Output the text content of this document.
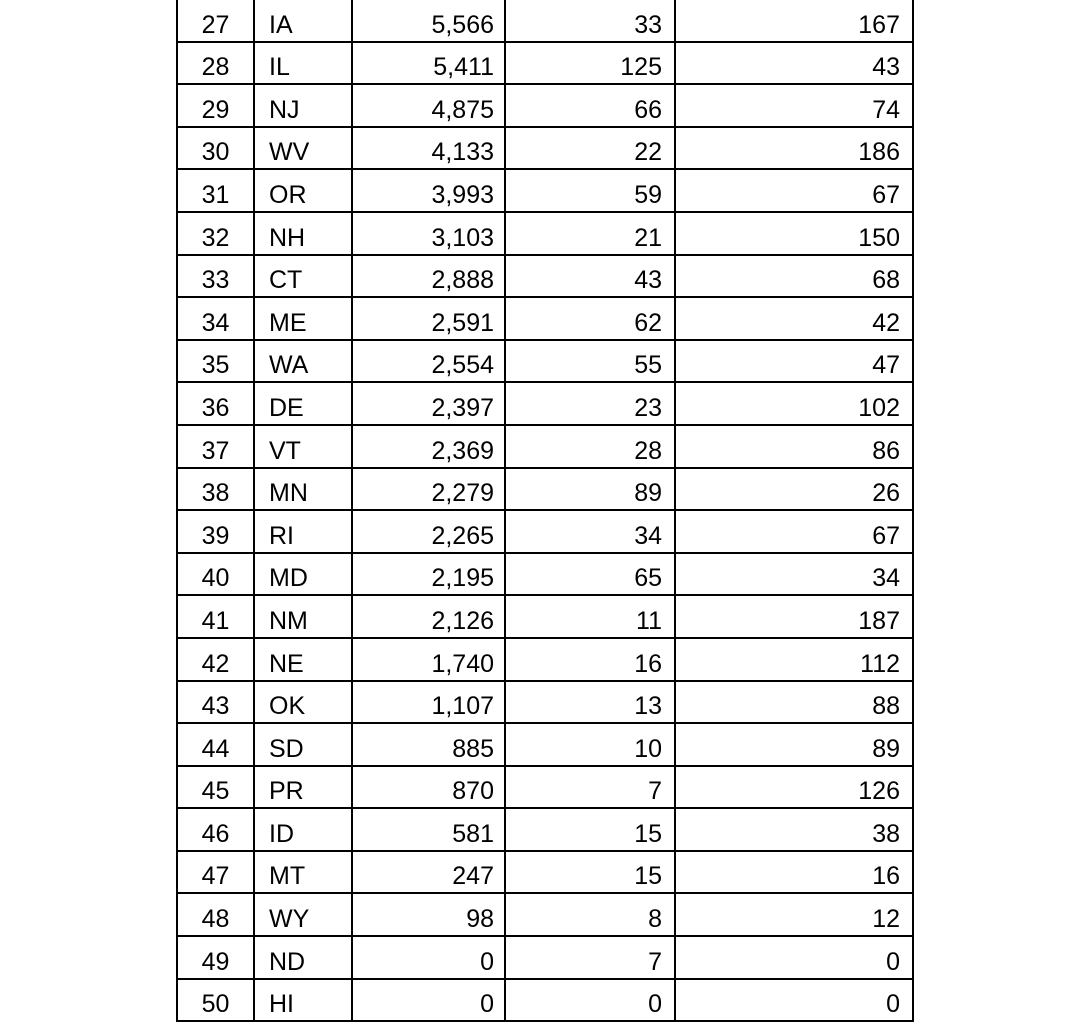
27	IA	5,566	33	167
28	IL	5,411	125	43
29	NJ	4,875	66	74
30	WV	4,133	22	186
31	OR	3,993	59	67
32	NH	3,103	21	150
33	CT	2,888	43	68
34	ME	2,591	62	42
35	WA	2,554	55	47
36	DE	2,397	23	102
37	VT	2,369	28	86
38	MN	2,279	89	26
39	RI	2,265	34	67
40	MD	2,195	65	34
41	NM	2,126	11	187
42	NE	1,740	16	112
43	OK	1,107	13	88
44	SD	885	10	89
45	PR	870	7	126
46	ID	581	15	38
47	MT	247	15	16
48	WY	98	8	12
49	ND	0	7	0
50	HI	0	0	0
